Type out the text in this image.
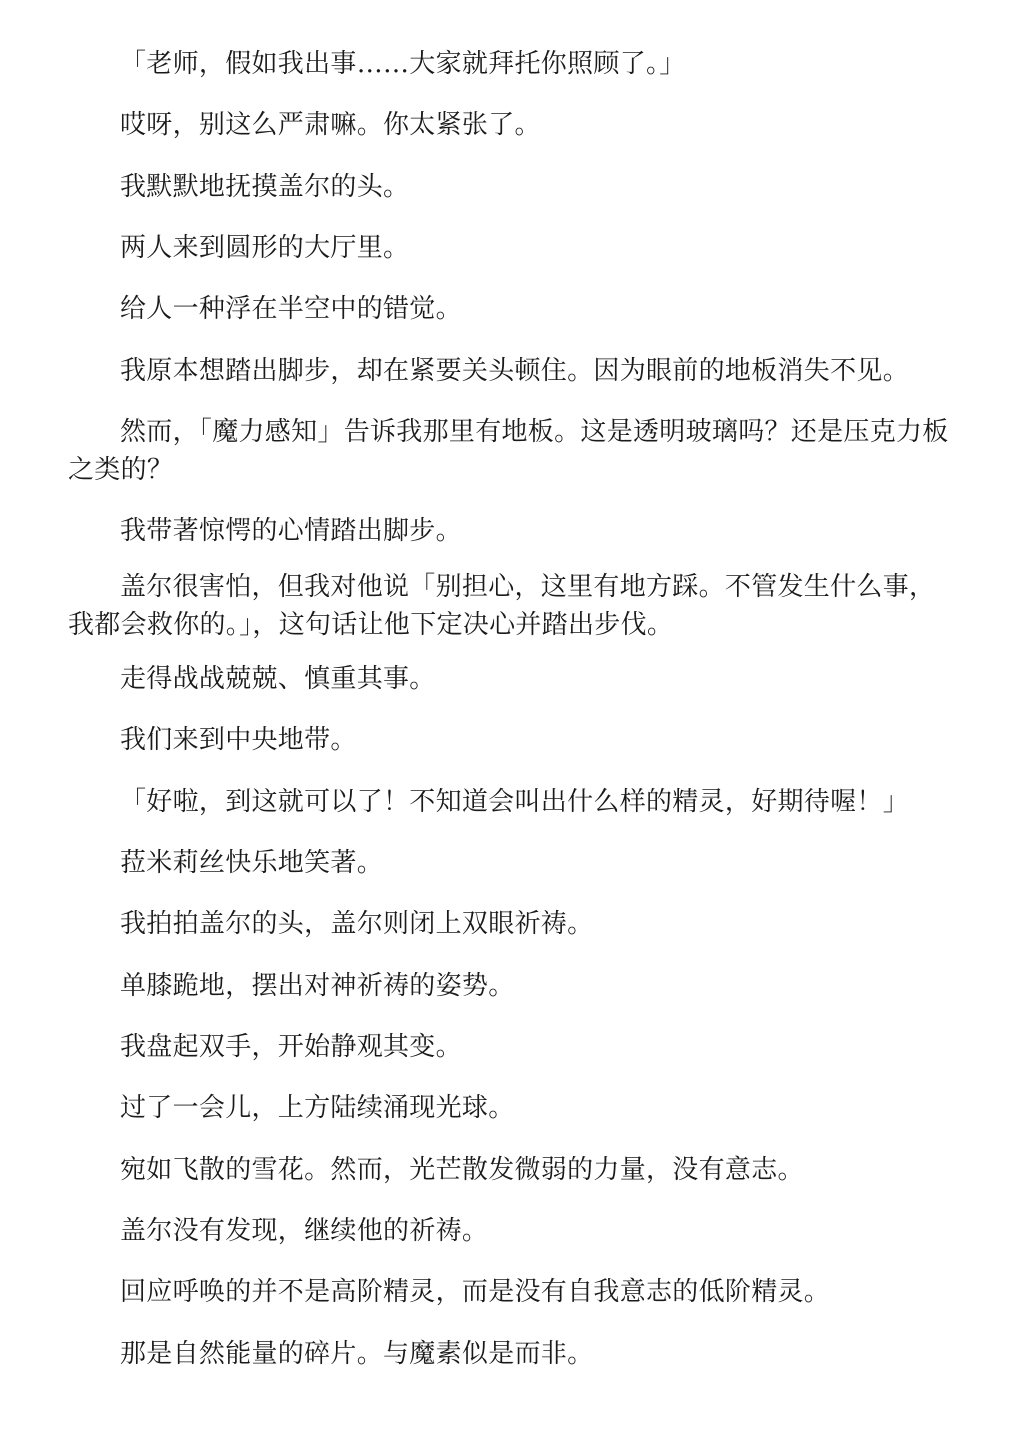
「老师，假如我出事……大家就拜托你照顾了。」

哎呀，别这么严肃嘛。你太紧张了。

我默默地抚摸盖尔的头。

两人来到圆形的大厅里。

给人一种浮在半空中的错觉。

我原本想踏出脚步，却在紧要关头顿住。因为眼前的地板消失不见。

然而，「魔力感知」告诉我那里有地板。这是透明玻璃吗？还是压克力板之类的？

我带著惊愕的心情踏出脚步。

盖尔很害怕，但我对他说「别担心，这里有地方踩。不管发生什么事，我都会救你的。」，这句话让他下定决心并踏出步伐。

走得战战兢兢、慎重其事。

我们来到中央地带。

「好啦，到这就可以了！不知道会叫出什么样的精灵，好期待喔！」

菈米莉丝快乐地笑著。

我拍拍盖尔的头，盖尔则闭上双眼祈祷。

单膝跪地，摆出对神祈祷的姿势。

我盘起双手，开始静观其变。

过了一会儿，上方陆续涌现光球。

宛如飞散的雪花。然而，光芒散发微弱的力量，没有意志。

盖尔没有发现，继续他的祈祷。

回应呼唤的并不是高阶精灵，而是没有自我意志的低阶精灵。

那是自然能量的碎片。与魔素似是而非。
